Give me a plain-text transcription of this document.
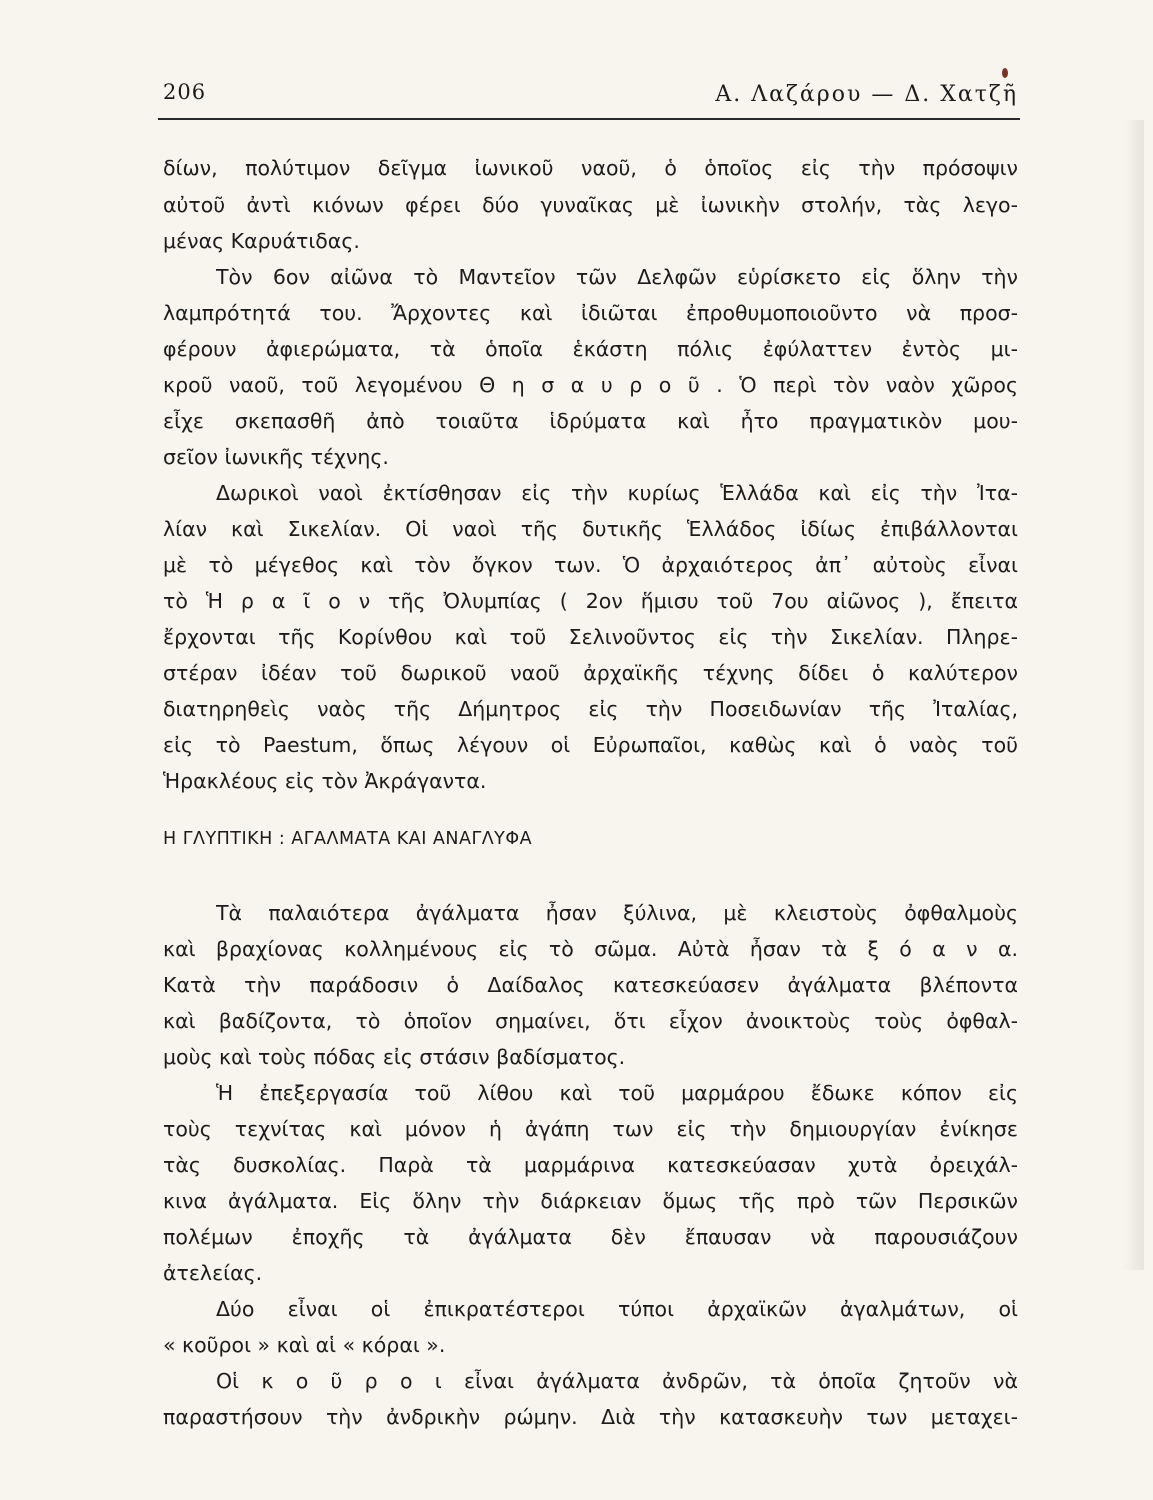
206	Α. Λαζάρου — Δ. Χατζῆ
δίων, πολύτιμον δεῖγμα ἰωνικοῦ ναοῦ, ὁ ὁποῖος εἰς τὴν πρόσοψιν
αὐτοῦ ἀντὶ κιόνων φέρει δύο γυναῖκας μὲ ἰωνικὴν στολήν, τὰς λεγο-
μένας Καρυάτιδας.
Τὸν 6ον αἰῶνα τὸ Μαντεῖον τῶν Δελφῶν εὑρίσκετο εἰς ὅλην τὴν
λαμπρότητά του. Ἄρχοντες καὶ ἰδιῶται ἐπροθυμοποιοῦντο νὰ προσ-
φέρουν ἀφιερώματα, τὰ ὁποῖα ἑκάστη πόλις ἐφύλαττεν ἐντὸς μι-
κροῦ ναοῦ, τοῦ λεγομένου Θ η σ α υ ρ ο ῦ . Ὁ περὶ τὸν ναὸν χῶρος
εἶχε σκεπασθῆ ἀπὸ τοιαῦτα ἱδρύματα καὶ ἦτο πραγματικὸν μου-
σεῖον ἰωνικῆς τέχνης.
Δωρικοὶ ναοὶ ἐκτίσθησαν εἰς τὴν κυρίως Ἑλλάδα καὶ εἰς τὴν Ἰτα-
λίαν καὶ Σικελίαν. Οἱ ναοὶ τῆς δυτικῆς Ἑλλάδος ἰδίως ἐπιβάλλονται
μὲ τὸ μέγεθος καὶ τὸν ὄγκον των. Ὁ ἀρχαιότερος ἀπ᾿ αὐτοὺς εἶναι
τὸ Ἡ ρ α ῖ ο ν τῆς Ὀλυμπίας ( 2ον ἥμισυ τοῦ 7ου αἰῶνος ), ἔπειτα
ἔρχονται τῆς Κορίνθου καὶ τοῦ Σελινοῦντος εἰς τὴν Σικελίαν. Πληρε-
στέραν ἰδέαν τοῦ δωρικοῦ ναοῦ ἀρχαϊκῆς τέχνης δίδει ὁ καλύτερον
διατηρηθεὶς ναὸς τῆς Δήμητρος εἰς τὴν Ποσειδωνίαν τῆς Ἰταλίας,
εἰς τὸ Paestum, ὅπως λέγουν οἱ Εὐρωπαῖοι, καθὼς καὶ ὁ ναὸς τοῦ
Ἡρακλέους εἰς τὸν Ἀκράγαντα.
Η ΓΛΥΠΤΙΚΗ : ΑΓΑΛΜΑΤΑ ΚΑΙ ΑΝΑΓΛΥΦΑ
Τὰ παλαιότερα ἀγάλματα ἦσαν ξύλινα, μὲ κλειστοὺς ὀφθαλμοὺς
καὶ βραχίονας κολλημένους εἰς τὸ σῶμα. Αὐτὰ ἦσαν τὰ ξ ό α ν α.
Κατὰ τὴν παράδοσιν ὁ Δαίδαλος κατεσκεύασεν ἀγάλματα βλέποντα
καὶ βαδίζοντα, τὸ ὁποῖον σημαίνει, ὅτι εἶχον ἀνοικτοὺς τοὺς ὀφθαλ-
μοὺς καὶ τοὺς πόδας εἰς στάσιν βαδίσματος.
Ἡ ἐπεξεργασία τοῦ λίθου καὶ τοῦ μαρμάρου ἔδωκε κόπον εἰς
τοὺς τεχνίτας καὶ μόνον ἡ ἀγάπη των εἰς τὴν δημιουργίαν ἐνίκησε
τὰς δυσκολίας. Παρὰ τὰ μαρμάρινα κατεσκεύασαν χυτὰ ὀρειχάλ-
κινα ἀγάλματα. Εἰς ὅλην τὴν διάρκειαν ὅμως τῆς πρὸ τῶν Περσικῶν
πολέμων ἐποχῆς τὰ ἀγάλματα δὲν ἔπαυσαν νὰ παρουσιάζουν
ἀτελείας.
Δύο εἶναι οἱ ἐπικρατέστεροι τύποι ἀρχαϊκῶν ἀγαλμάτων, οἱ
« κοῦροι » καὶ αἱ « κόραι ».
Οἱ κ ο ῦ ρ ο ι εἶναι ἀγάλματα ἀνδρῶν, τὰ ὁποῖα ζητοῦν νὰ
παραστήσουν τὴν ἀνδρικὴν ρώμην. Διὰ τὴν κατασκευὴν των μεταχει-
